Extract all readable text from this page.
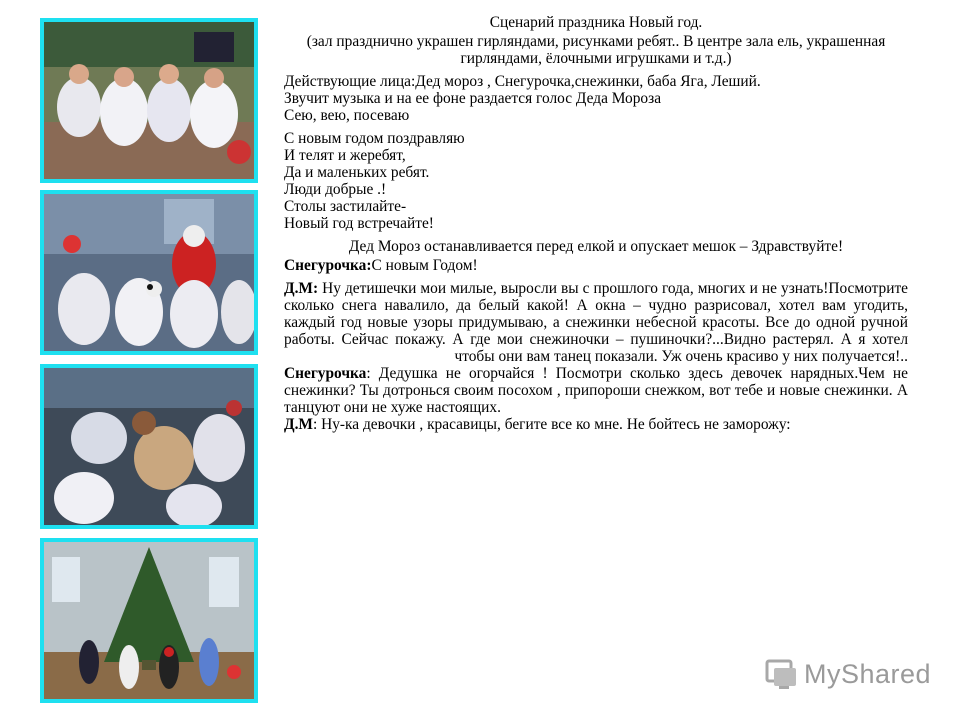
Сценарий праздника Новый год.
(зал празднично украшен гирляндами, рисунками ребят.. В центре зала ель, украшенная гирляндами, ёлочными игрушками и т.д.)
Действующие лица:Дед мороз , Снегурочка,снежинки, баба Яга, Леший.
Звучит музыка и на ее фоне раздается голос Деда Мороза
Сею, вею, посеваю
С новым годом поздравляю
И телят и жеребят,
Да и маленьких ребят.
Люди добрые .!
Столы застилайте-
Новый год встречайте!
Дед Мороз останавливается перед елкой и опускает мешок – Здравствуйте!
Снегурочка:С новым Годом!
Д.М: Ну детишечки мои милые, выросли вы с прошлого года, многих и не узнать!Посмотрите сколько снега навалило, да белый какой! А окна – чудно разрисовал, хотел вам угодить, каждый год новые узоры придумываю, а снежинки небесной красоты. Все до одной ручной работы. Сейчас покажу. А где мои снежиночки – пушиночки?...Видно растерял. А я хотел чтобы они вам танец показали. Уж очень красиво у них получается!..
Снегурочка: Дедушка не огорчайся ! Посмотри сколько здесь девочек нарядных.Чем не снежинки? Ты дотронься своим посохом , припороши снежком, вот тебе и новые снежинки. А танцуют они не хуже настоящих.
Д.М: Ну-ка девочки , красавицы, бегите все ко мне. Не бойтесь не заморожу:
MyShared
